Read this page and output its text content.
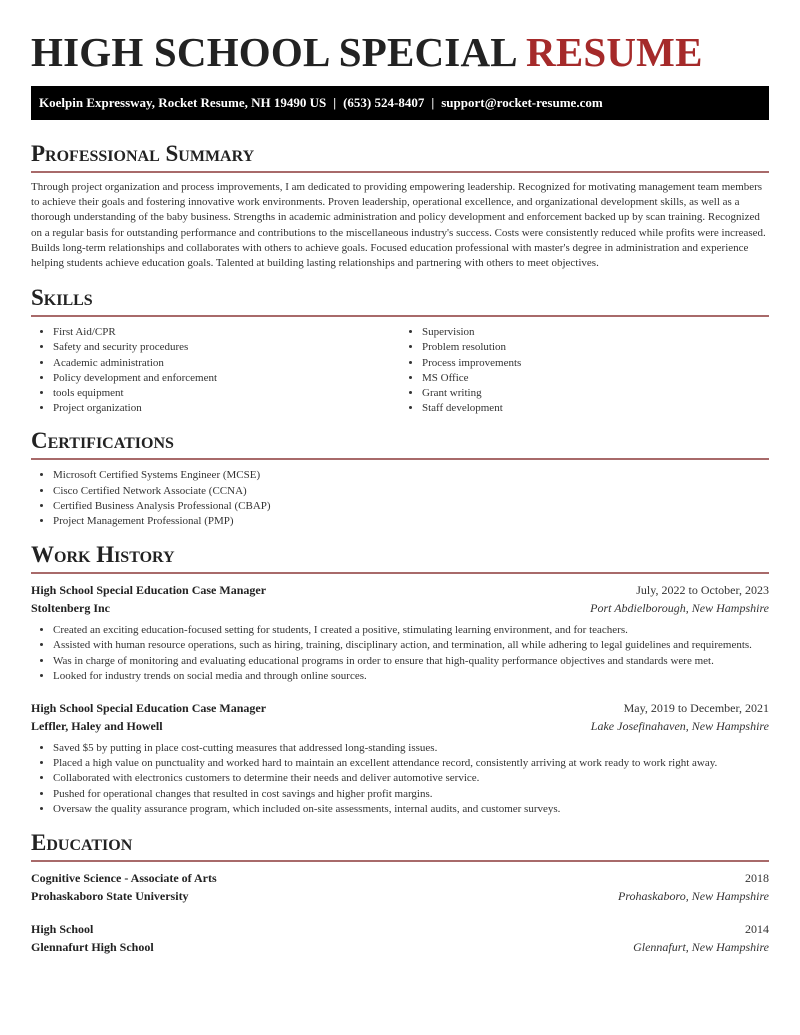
HIGH SCHOOL SPECIAL RESUME
Koelpin Expressway, Rocket Resume, NH 19490 US | (653) 524-8407 | support@rocket-resume.com
Professional Summary

Through project organization and process improvements, I am dedicated to providing empowering leadership. Recognized for motivating management team members to achieve their goals and fostering innovative work environments. Proven leadership, operational excellence, and organizational development skills, as well as a thorough understanding of the baby business. Strengths in academic administration and policy development and enforcement backed up by scan training. Recognized on a regular basis for outstanding performance and contributions to the miscellaneous industry's success. Costs were consistently reduced while profits were increased. Builds long-term relationships and collaborates with others to achieve goals. Focused education professional with master's degree in administration and experience helping students achieve education goals. Talented at building lasting relationships and partnering with others to meet objectives.

Skills
• First Aid/CPR
• Safety and security procedures
• Academic administration
• Policy development and enforcement
• tools equipment
• Project organization
• Supervision
• Problem resolution
• Process improvements
• MS Office
• Grant writing
• Staff development
Certifications
• Microsoft Certified Systems Engineer (MCSE)
• Cisco Certified Network Associate (CCNA)
• Certified Business Analysis Professional (CBAP)
• Project Management Professional (PMP)
Work History
High School Special Education Case Manager	July, 2022 to October, 2023
Stoltenberg Inc	Port Abdielborough, New Hampshire
• Created an exciting education-focused setting for students, I created a positive, stimulating learning environment, and for teachers.
• Assisted with human resource operations, such as hiring, training, disciplinary action, and termination, all while adhering to legal guidelines and requirements.
• Was in charge of monitoring and evaluating educational programs in order to ensure that high-quality performance objectives and standards were met.
• Looked for industry trends on social media and through online sources.
High School Special Education Case Manager	May, 2019 to December, 2021
Leffler, Haley and Howell	Lake Josefinahaven, New Hampshire
• Saved $5 by putting in place cost-cutting measures that addressed long-standing issues.
• Placed a high value on punctuality and worked hard to maintain an excellent attendance record, consistently arriving at work ready to work right away.
• Collaborated with electronics customers to determine their needs and deliver automotive service.
• Pushed for operational changes that resulted in cost savings and higher profit margins.
• Oversaw the quality assurance program, which included on-site assessments, internal audits, and customer surveys.
Education
Cognitive Science - Associate of Arts	2018
Prohaskaboro State University	Prohaskaboro, New Hampshire
High School	2014
Glennafurt High School	Glennafurt, New Hampshire
